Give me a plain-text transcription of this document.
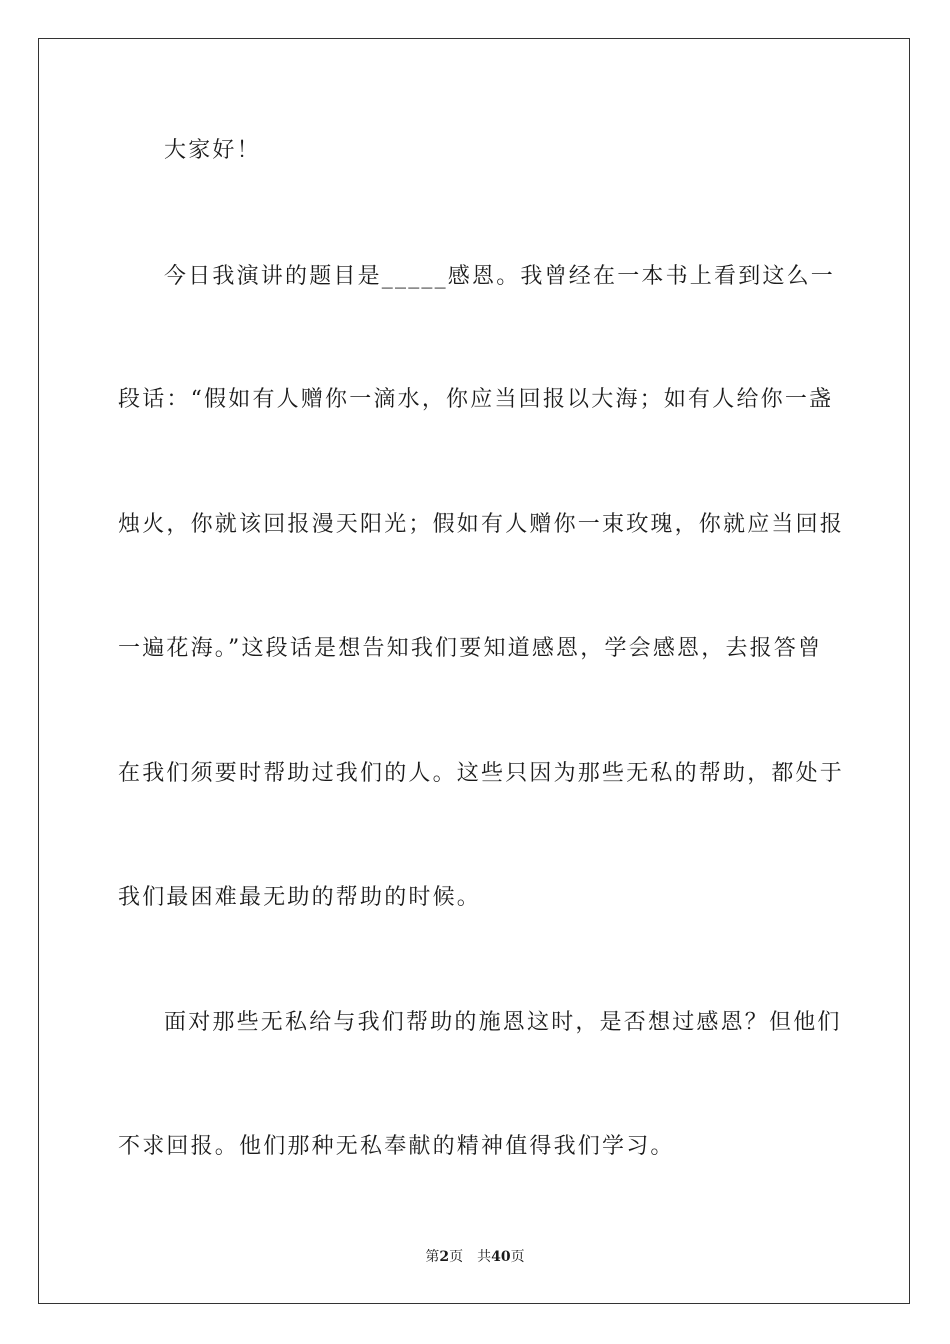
大家好！
今日我演讲的题目是_____感恩。我曾经在一本书上看到这么一
段话：“假如有人赠你一滴水，你应当回报以大海；如有人给你一盏
烛火，你就该回报漫天阳光；假如有人赠你一束玫瑰，你就应当回报
一遍花海。”这段话是想告知我们要知道感恩，学会感恩，去报答曾
在我们须要时帮助过我们的人。这些只因为那些无私的帮助，都处于
我们最困难最无助的帮助的时候。
面对那些无私给与我们帮助的施恩这时，是否想过感恩？但他们
不求回报。他们那种无私奉献的精神值得我们学习。
第2页 共40页
